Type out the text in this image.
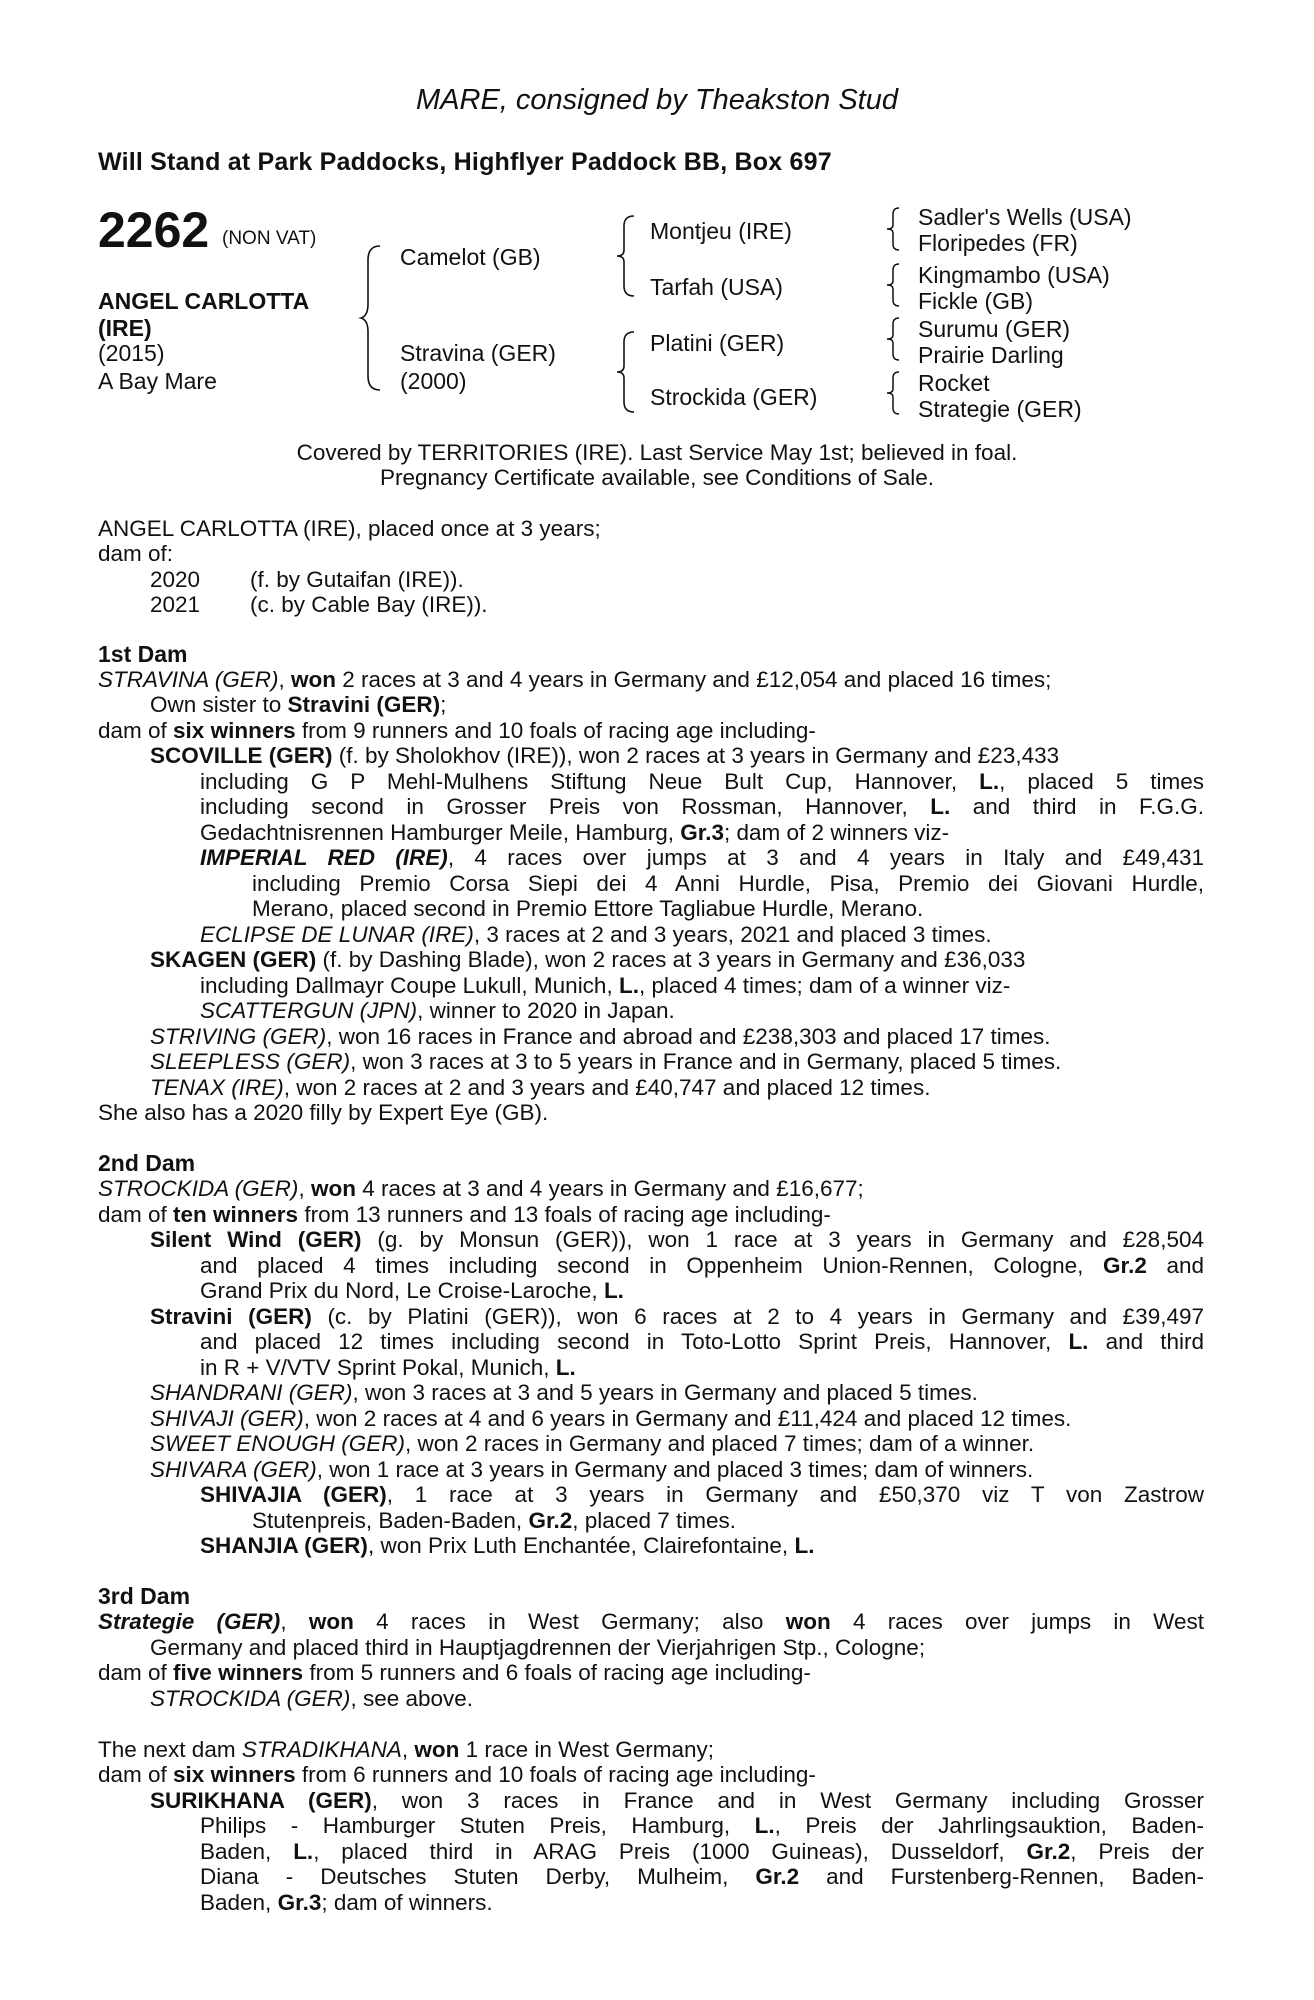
MARE, consigned by Theakston Stud
Will Stand at Park Paddocks, Highflyer Paddock BB, Box 697
2262 (NON VAT)
ANGEL CARLOTTA
(IRE)
(2015)
A Bay Mare
Camelot (GB)
Stravina (GER)
(2000)
Montjeu (IRE)
Tarfah (USA)
Platini (GER)
Strockida (GER)
Sadler's Wells (USA)
Floripedes (FR)
Kingmambo (USA)
Fickle (GB)
Surumu (GER)
Prairie Darling
Rocket
Strategie (GER)
Covered by TERRITORIES (IRE). Last Service May 1st; believed in foal.
Pregnancy Certificate available, see Conditions of Sale.
ANGEL CARLOTTA (IRE), placed once at 3 years;
dam of:
2020	(f. by Gutaifan (IRE)).
2021	(c. by Cable Bay (IRE)).
1st Dam
STRAVINA (GER), won 2 races at 3 and 4 years in Germany and £12,054 and placed 16 times;
Own sister to Stravini (GER);
dam of six winners from 9 runners and 10 foals of racing age including-
SCOVILLE (GER) (f. by Sholokhov (IRE)), won 2 races at 3 years in Germany and £23,433
including G P Mehl-Mulhens Stiftung Neue Bult Cup, Hannover, L., placed 5 times
including second in Grosser Preis von Rossman, Hannover, L. and third in F.G.G.
Gedachtnisrennen Hamburger Meile, Hamburg, Gr.3; dam of 2 winners viz-
IMPERIAL RED (IRE), 4 races over jumps at 3 and 4 years in Italy and £49,431
including Premio Corsa Siepi dei 4 Anni Hurdle, Pisa, Premio dei Giovani Hurdle,
Merano, placed second in Premio Ettore Tagliabue Hurdle, Merano.
ECLIPSE DE LUNAR (IRE), 3 races at 2 and 3 years, 2021 and placed 3 times.
SKAGEN (GER) (f. by Dashing Blade), won 2 races at 3 years in Germany and £36,033
including Dallmayr Coupe Lukull, Munich, L., placed 4 times; dam of a winner viz-
SCATTERGUN (JPN), winner to 2020 in Japan.
STRIVING (GER), won 16 races in France and abroad and £238,303 and placed 17 times.
SLEEPLESS (GER), won 3 races at 3 to 5 years in France and in Germany, placed 5 times.
TENAX (IRE), won 2 races at 2 and 3 years and £40,747 and placed 12 times.
She also has a 2020 filly by Expert Eye (GB).
2nd Dam
STROCKIDA (GER), won 4 races at 3 and 4 years in Germany and £16,677;
dam of ten winners from 13 runners and 13 foals of racing age including-
Silent Wind (GER) (g. by Monsun (GER)), won 1 race at 3 years in Germany and £28,504
and placed 4 times including second in Oppenheim Union-Rennen, Cologne, Gr.2 and
Grand Prix du Nord, Le Croise-Laroche, L.
Stravini (GER) (c. by Platini (GER)), won 6 races at 2 to 4 years in Germany and £39,497
and placed 12 times including second in Toto-Lotto Sprint Preis, Hannover, L. and third
in R + V/VTV Sprint Pokal, Munich, L.
SHANDRANI (GER), won 3 races at 3 and 5 years in Germany and placed 5 times.
SHIVAJI (GER), won 2 races at 4 and 6 years in Germany and £11,424 and placed 12 times.
SWEET ENOUGH (GER), won 2 races in Germany and placed 7 times; dam of a winner.
SHIVARA (GER), won 1 race at 3 years in Germany and placed 3 times; dam of winners.
SHIVAJIA (GER), 1 race at 3 years in Germany and £50,370 viz T von Zastrow
Stutenpreis, Baden-Baden, Gr.2, placed 7 times.
SHANJIA (GER), won Prix Luth Enchantée, Clairefontaine, L.
3rd Dam
Strategie (GER), won 4 races in West Germany; also won 4 races over jumps in West
Germany and placed third in Hauptjagdrennen der Vierjahrigen Stp., Cologne;
dam of five winners from 5 runners and 6 foals of racing age including-
STROCKIDA (GER), see above.
The next dam STRADIKHANA, won 1 race in West Germany;
dam of six winners from 6 runners and 10 foals of racing age including-
SURIKHANA (GER), won 3 races in France and in West Germany including Grosser
Philips - Hamburger Stuten Preis, Hamburg, L., Preis der Jahrlingsauktion, Baden-
Baden, L., placed third in ARAG Preis (1000 Guineas), Dusseldorf, Gr.2, Preis der
Diana - Deutsches Stuten Derby, Mulheim, Gr.2 and Furstenberg-Rennen, Baden-
Baden, Gr.3; dam of winners.
